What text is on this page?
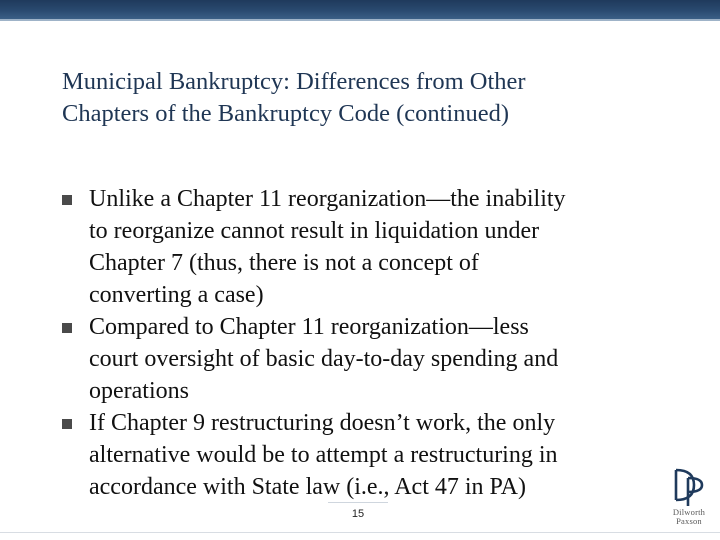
Municipal Bankruptcy: Differences from Other
Chapters of the Bankruptcy Code (continued)
Unlike a Chapter 11 reorganization—the inability
to reorganize cannot result in liquidation under
Chapter 7 (thus, there is not a concept of
converting a case)
Compared to Chapter 11 reorganization—less
court oversight of basic day-to-day spending and
operations
If Chapter 9 restructuring doesn’t work, the only
alternative would be to attempt a restructuring in
accordance with State law (i.e., Act 47 in PA)
15	Dilworth
Paxson
